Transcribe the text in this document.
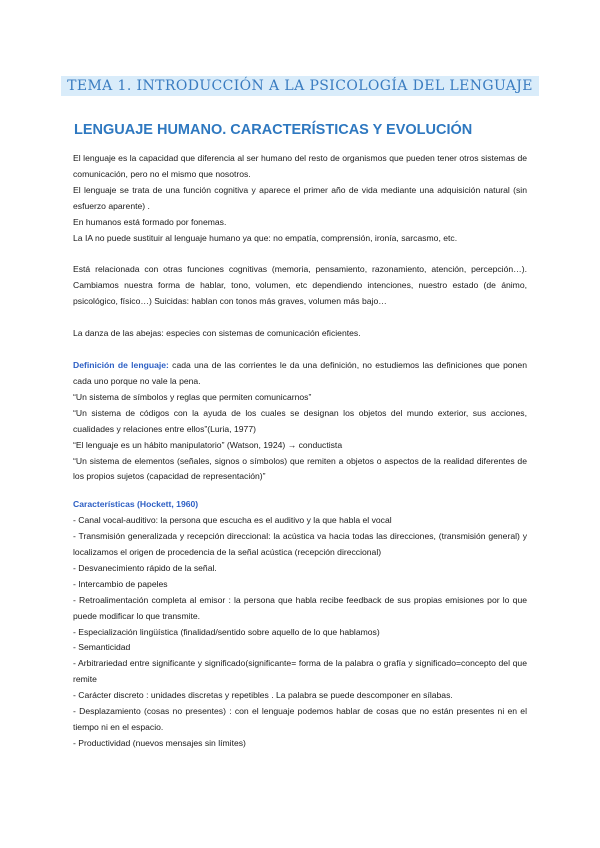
TEMA 1. INTRODUCCIÓN A LA PSICOLOGÍA DEL LENGUAJE
LENGUAJE HUMANO. CARACTERÍSTICAS Y EVOLUCIÓN

El lenguaje es la capacidad que diferencia al ser humano del resto de organismos que pueden tener otros sistemas de comunicación, pero no el mismo que nosotros.

El lenguaje se trata de una función cognitiva y aparece el primer año de vida mediante una adquisición natural (sin esfuerzo aparente) .

En humanos está formado por fonemas.

La IA no puede sustituir al lenguaje humano ya que: no empatía, comprensión, ironía, sarcasmo, etc.

Está relacionada con otras funciones cognitivas (memoria, pensamiento, razonamiento, atención, percepción…). Cambiamos nuestra forma de hablar, tono, volumen, etc dependiendo intenciones, nuestro estado (de ánimo, psicológico, físico…) Suicidas: hablan con tonos más graves, volumen más bajo…

La danza de las abejas: especies con sistemas de comunicación eficientes.

Definición de lenguaje: cada una de las corrientes le da una definición, no estudiemos las definiciones que ponen cada uno porque no vale la pena.

“Un sistema de símbolos y reglas que permiten comunicarnos”

“Un sistema de códigos con la ayuda de los cuales se designan los objetos del mundo exterior, sus acciones, cualidades y relaciones entre ellos”(Luria, 1977)

“El lenguaje es un hábito manipulatorio” (Watson, 1924) → conductista

“Un sistema de elementos (señales, signos o símbolos) que remiten a objetos o aspectos de la realidad diferentes de los propios sujetos (capacidad de representación)”

Características (Hockett, 1960)

- Canal vocal-auditivo: la persona que escucha es el auditivo y la que habla el vocal

- Transmisión generalizada y recepción direccional: la acústica va hacia todas las direcciones, (transmisión general) y localizamos el origen de procedencia de la señal acústica (recepción direccional)

- Desvanecimiento rápido de la señal.

- Intercambio de papeles

- Retroalimentación completa al emisor : la persona que habla recibe feedback de sus propias emisiones por lo que puede modificar lo que transmite.

- Especialización lingüística (finalidad/sentido sobre aquello de lo que hablamos)

- Semanticidad

- Arbitrariedad entre significante y significado(significante= forma de la palabra o grafía y significado=concepto del que remite

- Carácter discreto : unidades discretas y repetibles . La palabra se puede descomponer en sílabas.

- Desplazamiento (cosas no presentes) : con el lenguaje podemos hablar de cosas que no están presentes ni en el tiempo ni en el espacio.

- Productividad (nuevos mensajes sin límites)
